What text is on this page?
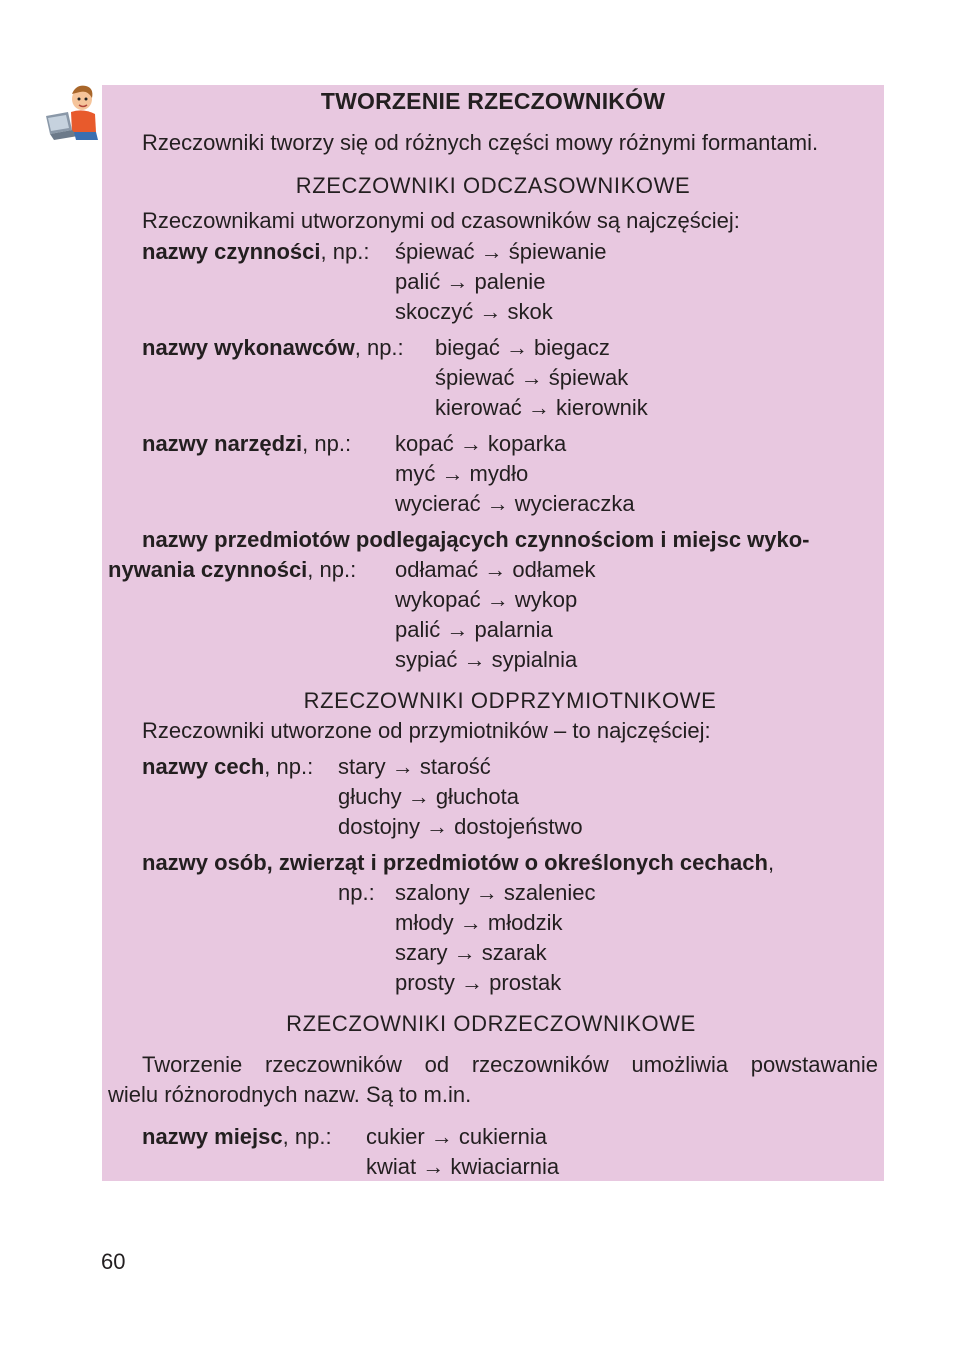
TWORZENIE RZECZOWNIKÓW
Rzeczowniki tworzy się od różnych części mowy różnymi formantami.
RZECZOWNIKI ODCZASOWNIKOWE
Rzeczownikami utworzonymi od czasowników są najczęściej:
nazwy czynności, np.: śpiewać → śpiewanie
palić → palenie
skoczyć → skok
nazwy wykonawców, np.: biegać → biegacz
śpiewać → śpiewak
kierować → kierownik
nazwy narzędzi, np.: kopać → koparka
myć → mydło
wycierać → wycieraczka
nazwy przedmiotów podlegających czynnościom i miejsc wyko-
nywania czynności, np.: odłamać → odłamek
wykopać → wykop
palić → palarnia
sypiać → sypialnia
RZECZOWNIKI ODPRZYMIOTNIKOWE
Rzeczowniki utworzone od przymiotników – to najczęściej:
nazwy cech, np.: stary → starość
głuchy → głuchota
dostojny → dostojeństwo
nazwy osób, zwierząt i przedmiotów o określonych cechach,
np.: szalony → szaleniec
młody → młodzik
szary → szarak
prosty → prostak
RZECZOWNIKI ODRZECZOWNIKOWE
Tworzenie rzeczowników od rzeczowników umożliwia powstawanie
wielu różnorodnych nazw. Są to m.in.
nazwy miejsc, np.: cukier → cukiernia
kwiat → kwiaciarnia
60
